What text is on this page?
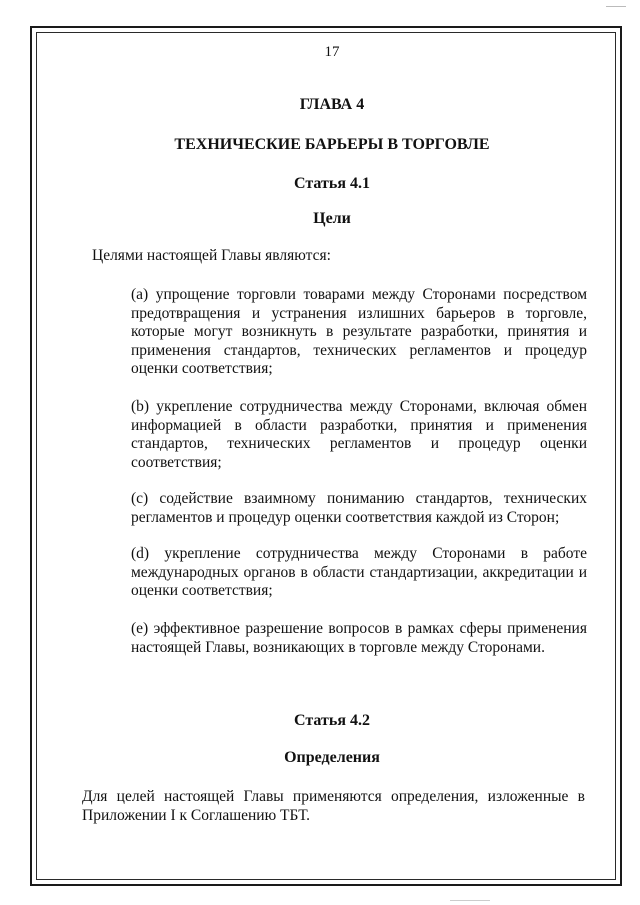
17
ГЛАВА 4
ТЕХНИЧЕСКИЕ БАРЬЕРЫ В ТОРГОВЛЕ
Статья 4.1
Цели
Целями настоящей Главы являются:
(a) упрощение торговли товарами между Сторонами посредством предотвращения и устранения излишних барьеров в торговле, которые могут возникнуть в результате разработки, принятия и применения стандартов, технических регламентов и процедур оценки соответствия;
(b) укрепление сотрудничества между Сторонами, включая обмен информацией в области разработки, принятия и применения стандартов, технических регламентов и процедур оценки соответствия;
(c) содействие взаимному пониманию стандартов, технических регламентов и процедур оценки соответствия каждой из Сторон;
(d) укрепление сотрудничества между Сторонами в работе международных органов в области стандартизации, аккредитации и оценки соответствия;
(e) эффективное разрешение вопросов в рамках сферы применения настоящей Главы, возникающих в торговле между Сторонами.
Статья 4.2
Определения
Для целей настоящей Главы применяются определения, изложенные в Приложении I к Соглашению ТБТ.
